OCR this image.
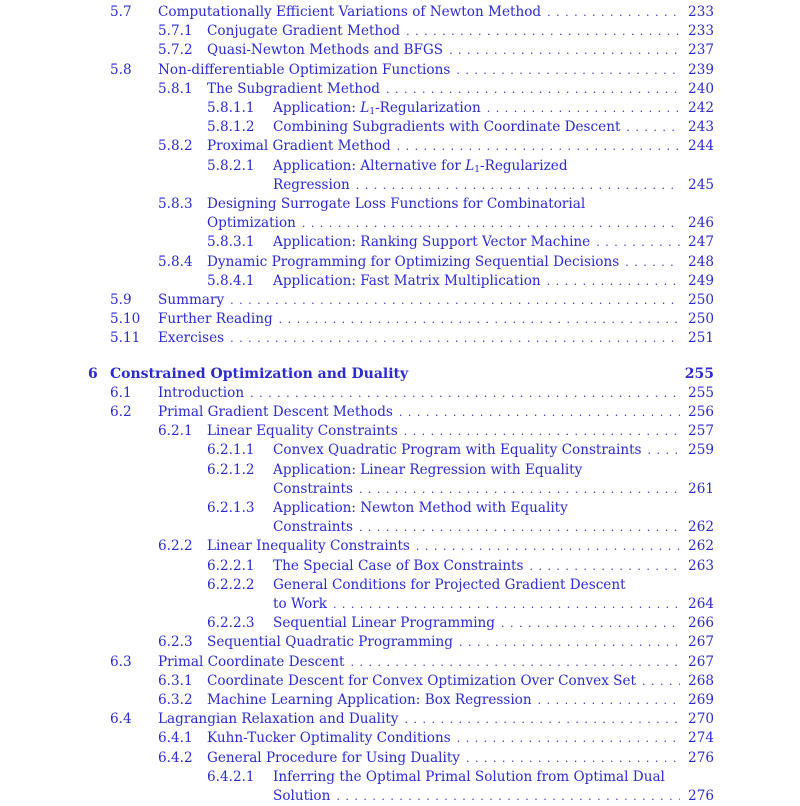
5.7 Computationally Efficient Variations of Newton Method . . .	233
5.7.1 Conjugate Gradient Method . . .	233
5.7.2 Quasi-Newton Methods and BFGS . . .	237
5.8 Non-differentiable Optimization Functions . . .	239
5.8.1 The Subgradient Method . . .	240
5.8.1.1 Application: $L_1$-Regularization . . .	242
5.8.1.2 Combining Subgradients with Coordinate Descent . . .	243
5.8.2 Proximal Gradient Method . . .	244
5.8.2.1 Application: Alternative for $L_1$-Regularized
Regression . . .	245
5.8.3 Designing Surrogate Loss Functions for Combinatorial
Optimization . . .	246
5.8.3.1 Application: Ranking Support Vector Machine . . .	247
5.8.4 Dynamic Programming for Optimizing Sequential Decisions . . .	248
5.8.4.1 Application: Fast Matrix Multiplication . . .	249
5.9 Summary . . .	250
5.10 Further Reading . . .	250
5.11 Exercises . . .	251
6 Constrained Optimization and Duality	255
6.1 Introduction . . .	255
6.2 Primal Gradient Descent Methods . . .	256
6.2.1 Linear Equality Constraints . . .	257
6.2.1.1 Convex Quadratic Program with Equality Constraints . . .	259
6.2.1.2 Application: Linear Regression with Equality
Constraints . . .	261
6.2.1.3 Application: Newton Method with Equality
Constraints . . .	262
6.2.2 Linear Inequality Constraints . . .	262
6.2.2.1 The Special Case of Box Constraints . . .	263
6.2.2.2 General Conditions for Projected Gradient Descent
to Work . . .	264
6.2.2.3 Sequential Linear Programming . . .	266
6.2.3 Sequential Quadratic Programming . . .	267
6.3 Primal Coordinate Descent . . .	267
6.3.1 Coordinate Descent for Convex Optimization Over Convex Set . . .	268
6.3.2 Machine Learning Application: Box Regression . . .	269
6.4 Lagrangian Relaxation and Duality . . .	270
6.4.1 Kuhn-Tucker Optimality Conditions . . .	274
6.4.2 General Procedure for Using Duality . . .	276
6.4.2.1 Inferring the Optimal Primal Solution from Optimal Dual
Solution . . .	276
